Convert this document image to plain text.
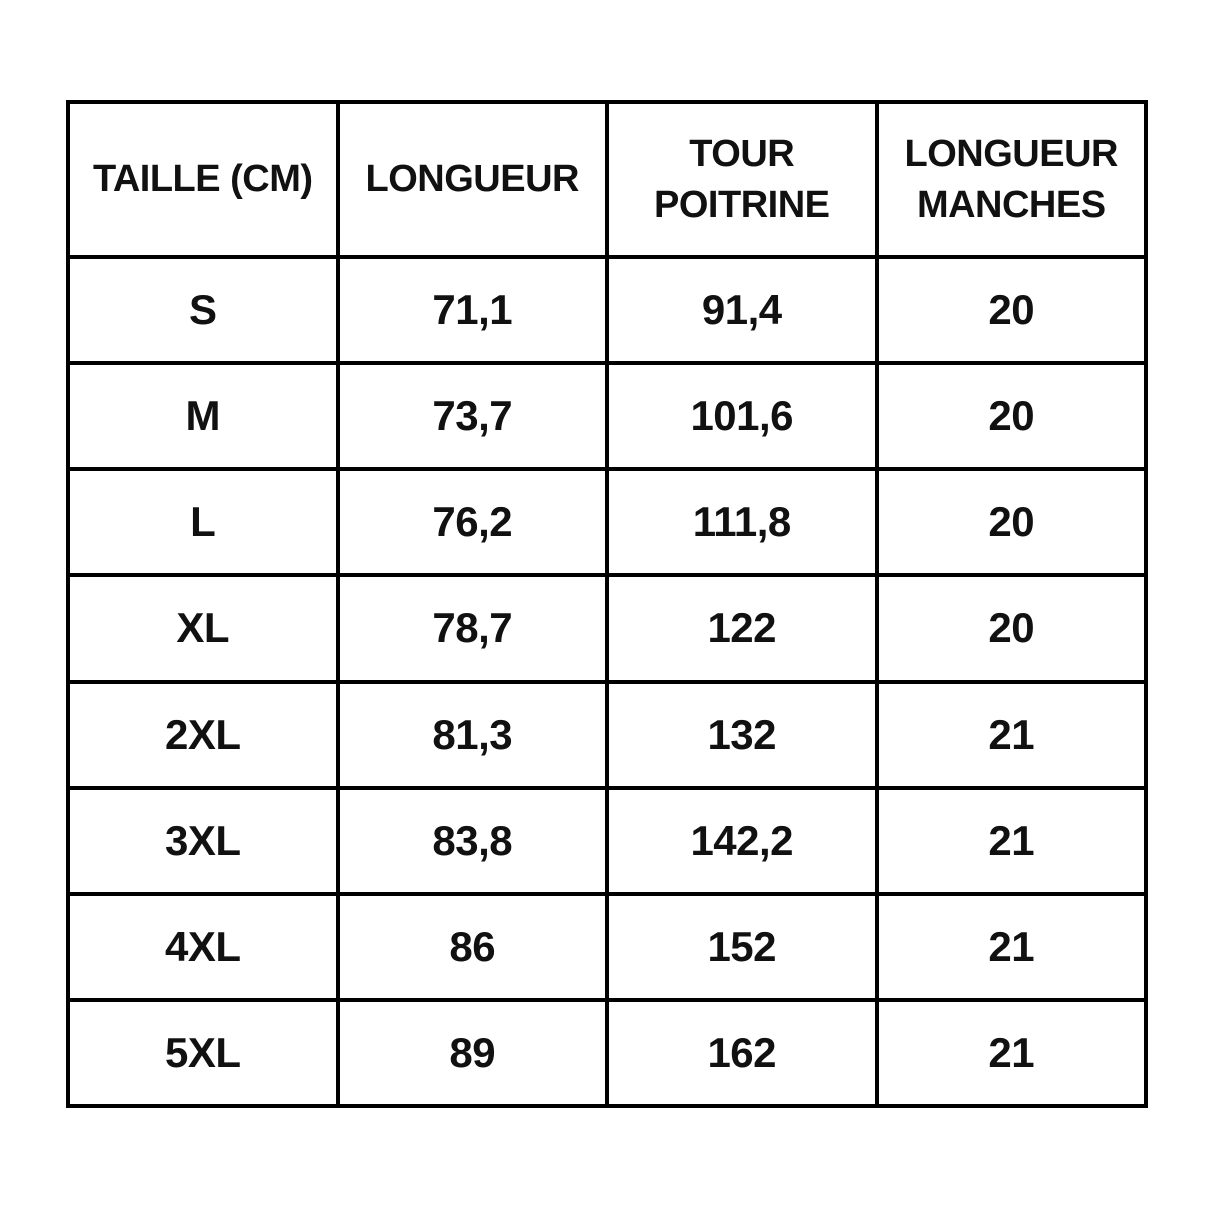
TAILLE (CM)	LONGUEUR	TOUR POITRINE	LONGUEUR MANCHES
S	71,1	91,4	20
M	73,7	101,6	20
L	76,2	111,8	20
XL	78,7	122	20
2XL	81,3	132	21
3XL	83,8	142,2	21
4XL	86	152	21
5XL	89	162	21
